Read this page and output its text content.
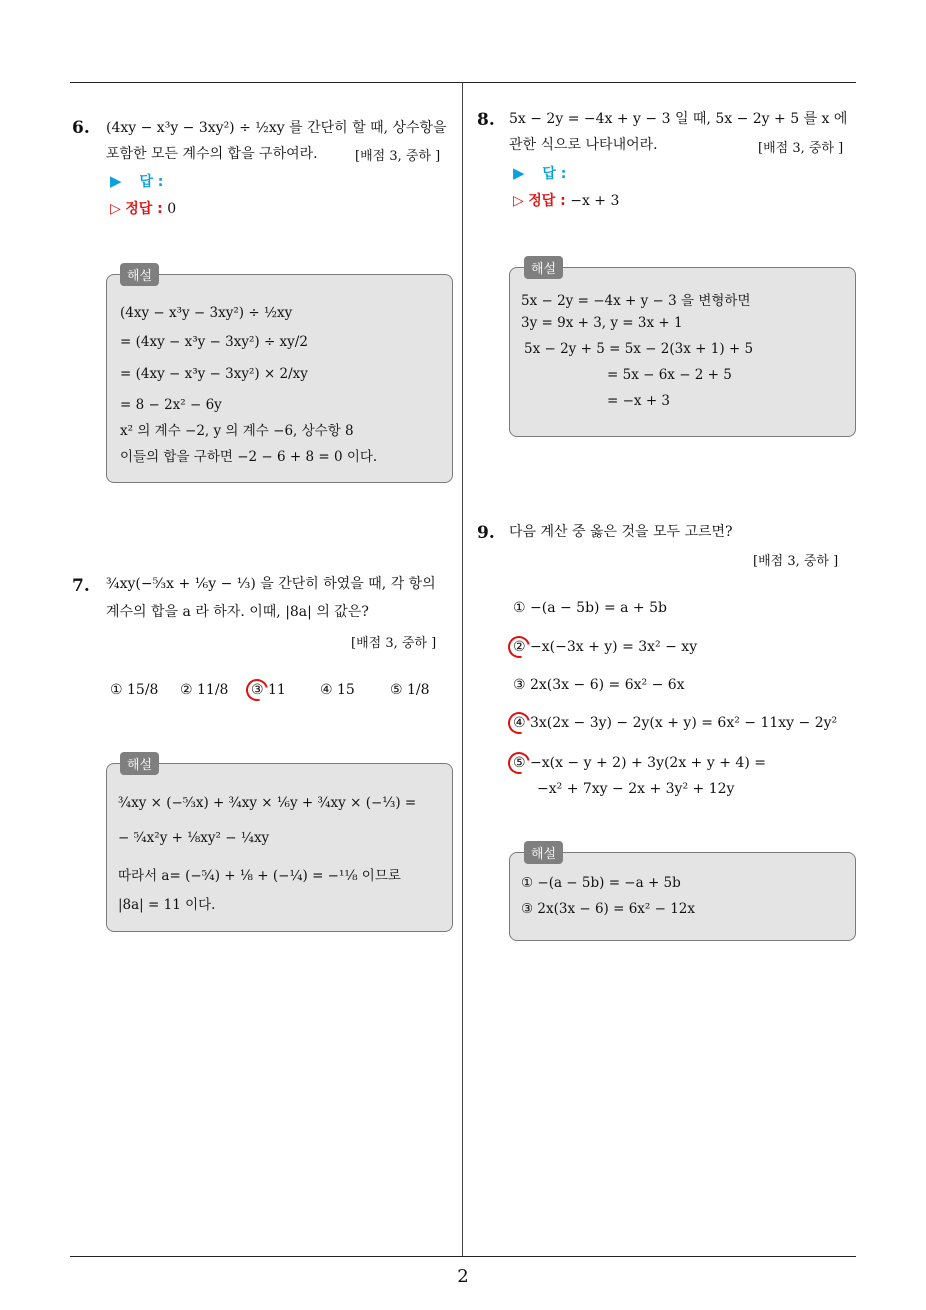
2
6. (4xy − x³y − 3xy²) ÷ ½xy 를 간단히 할 때, 상수항을
포함한 모든 계수의 합을 구하여라.	[배점 3, 중하 ]
▶ 답 :
▷ 정답 : 0
해설
(4xy − x³y − 3xy²) ÷ ½xy
= (4xy − x³y − 3xy²) ÷ xy/2
= (4xy − x³y − 3xy²) × 2/xy
= 8 − 2x² − 6y
x² 의 계수 −2, y 의 계수 −6, 상수항 8
이들의 합을 구하면 −2 − 6 + 8 = 0 이다.
7. ¾xy(−⁵⁄₃x + ⅙y − ⅓) 을 간단히 하였을 때, 각 항의
계수의 합을 a 라 하자. 이때, |8a| 의 값은?
[배점 3, 중하 ]
① 15/8 ② 11/8 ③ 11 ④ 15	⑤ 1/8
해설
¾xy × (−⁵⁄₃x) + ¾xy × ⅙y + ¾xy × (−⅓) =
− ⁵⁄₄x²y + ⅛xy² − ¼xy
따라서 a= (−⁵⁄₄) + ⅛ + (−¼) = −¹¹⁄₈ 이므로
|8a| = 11 이다.
8. 5x − 2y = −4x + y − 3 일 때, 5x − 2y + 5 를 x 에
관한 식으로 나타내어라.	[배점 3, 중하 ]
▶ 답 :
▷ 정답 : −x + 3
해설
5x − 2y = −4x + y − 3 을 변형하면
3y = 9x + 3, y = 3x + 1
5x − 2y + 5 = 5x − 2(3x + 1) + 5
= 5x − 6x − 2 + 5
= −x + 3
9. 다음 계산 중 옳은 것을 모두 고르면?
[배점 3, 중하 ]
① −(a − 5b) = a + 5b
② −x(−3x + y) = 3x² − xy
③ 2x(3x − 6) = 6x² − 6x
④ 3x(2x − 3y) − 2y(x + y) = 6x² − 11xy − 2y²
⑤ −x(x − y + 2) + 3y(2x + y + 4) =
−x² + 7xy − 2x + 3y² + 12y
해설
① −(a − 5b) = −a + 5b
③ 2x(3x − 6) = 6x² − 12x
